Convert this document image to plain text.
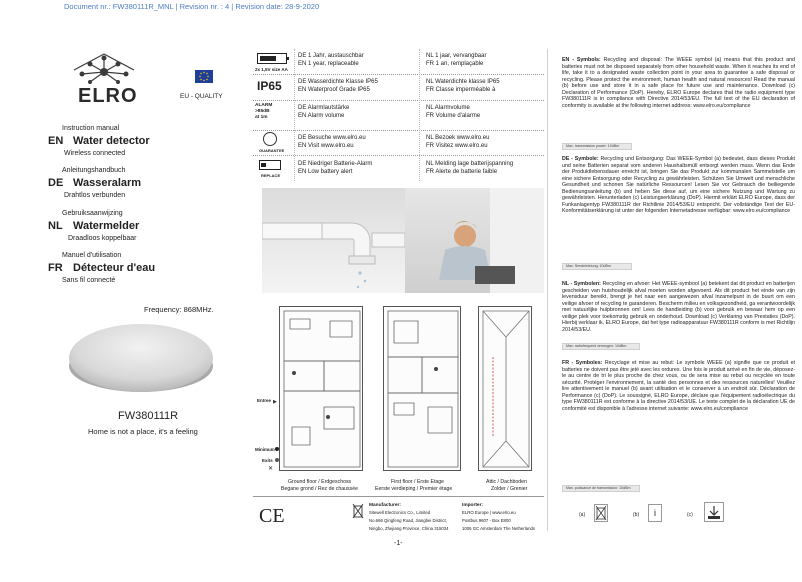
Document nr.: FW380111R_MNL | Revision nr. : 4 | Revision date: 28-9-2020
ELRO	EU - QUALITY
Instruction manual
EN Water detector
Wireless connected
Anleitungshandbuch
DE Wasseralarm
Drahtlos verbunden
Gebruiksaanwijzing
NL Watermelder
Draadloos koppelbaar
Manuel d'utilisation
FR Détecteur d'eau
Sans fil connecté
Frequency: 868MHz.
FW380111R
Home is not a place, it's a feeling
2x 1,5V size AA
DE 1 Jahr, austauschbar
EN 1 year, replaceable
NL 1 jaar, vervangbaar
FR 1 an, remplaçable
IP65	DE Wasserdichte Klasse IP65
EN Waterproof Grade IP65
NL Waterdichte klasse IP65
FR Classe imperméable à
ALARM >85dB at 1m
DE Alarmlautstärke
EN Alarm volume
NL Alarmvolume
FR Volume d'alarme
GUARANTEE
DE Besuche www.elro.eu
EN Visit www.elro.eu
NL Bezoek www.elro.eu
FR Visitez www.elro.eu
REPLACE
DE Niedriger Batterie-Alarm
EN Low battery alert
NL Melding lage batterijspanning
FR Alerte de batterie faible
Entree ▶
Minimum
Exits
✕
Ground floor / Erdgeschoss
Begane grond / Rez de chaussée
First floor / Erste Etage
Eerste verdieping / Premier étage
Attic / Dachboden
Zolder / Grenier
CE	Manufacturer:
Sitewell Electronics Co., Limited
No.666 Qingfeng Road, Jiangbei District,
Ningbo, Zhejiang Province, China 315034
Importer:
ELRO Europe | www.elro.eu
Postbus 9607 - Box E800
1006 GC Amsterdam The Netherlands
-1-
EN - Symbols: Recycling and disposal: The WEEE symbol (a) means that this product and batteries must not be disposed separately from other household waste. When it reaches its end of life, take it to a designated waste collection point in your area to guarantee a safe disposal or recycling. Please protect the environment, human health and natural resources! Read the manual (b) before use and store it in a safe place for future use and maintenance. Download (c) Declaration of Performance (DoP). Hereby, ELRO Europe declares that the radio equipment type FW380111R is in compliance with Directive 2014/53/EU. The full text of the EU declaration of conformity is available at the following internet address: www.elro.eu/compliance
Max. transmission power: 10dBm
DE - Symbole: Recycling und Entsorgung: Das WEEE-Symbol (a) bedeutet, dass dieses Produkt und seine Batterien separat vom anderen Haushaltsmüll entsorgt werden muss. Wenn das Ende der Produktlebensdauer erreicht ist, bringen Sie das Produkt zur kommunalen Sammelstelle um eine sichere Entsorgung oder Recycling zu gewährleisten. Schützen Sie Umwelt und menschliche Gesundheit und schonen Sie natürliche Ressourcen! Lesen Sie vor Gebrauch die beiliegende Bedienungsanleitung (b) und heben Sie diese auf, um eine sichere Nutzung und Wartung zu gewährleisten. Herunterladen (c) Leistungserklärung (DoP). Hiermit erklärt ELRO Europe, dass der Funkanlagentyp FW380111R der Richtlinie 2014/53/EU entspricht. Der vollständige Text der EU-Konformitätserklärung ist unter der folgenden Internetadresse verfügbar: www.elro.eu/compliance
Max. Sendeleistung: 10dBm
NL - Symbolen: Recycling en afvoer: Het WEEE-symbool (a) betekent dat dit product en batterijen gescheiden van huishoudelijk afval moeten worden afgevoerd. Als dit product het einde van zijn levensduur bereikt, brengt je het naar een aangewezen afval inzamelpunt in de buurt om een veilige afvoer of recycling te garanderen. Bescherm milieu en volksgezondheid, ga verantwoordelijk met natuurlijke hulpbronnen om! Lees de handleiding (b) voor gebruik en bewaar hem op een veilige plek voor toekomstig gebruik en onderhoud. Download (c) Verklaring van Prestaties (DoP). Hierbij verklaar ik, ELRO Europe, dat het type radioapparatuur FW380111R conform is met Richtlijn 2014/53/EU.
Max. radiofrequent vermogen: 10dBm
FR - Symboles: Recyclage et mise au rebut: Le symbole WEEE (a) signifie que ce produit et batteries ne doivent pas être jeté avec les ordures. Une fois le produit arrivé en fin de vie, déposez-le au centre de tri le plus proche de chez vous, ou de sera mise au rebut ou recyclée en toute sécurité. Protéger l'environnement, la santé des personnes et des ressources naturelles! Veuillez lire attentivement le manuel (b) avant utilisation et le conserver à un endroit sûr. Déclaration de Performance (c) (DoP). Le soussigné, ELRO Europe, déclare que l'équipement radioélectrique du type FW380111R est conforme à la directive 2014/53/UE. Le texte complet de la déclaration UE de conformité est disponible à l'adresse internet suivante: www.elro.eu/compliance
Max. puissance de transmission: 10dBm
(a)	(b)	i	(c)
